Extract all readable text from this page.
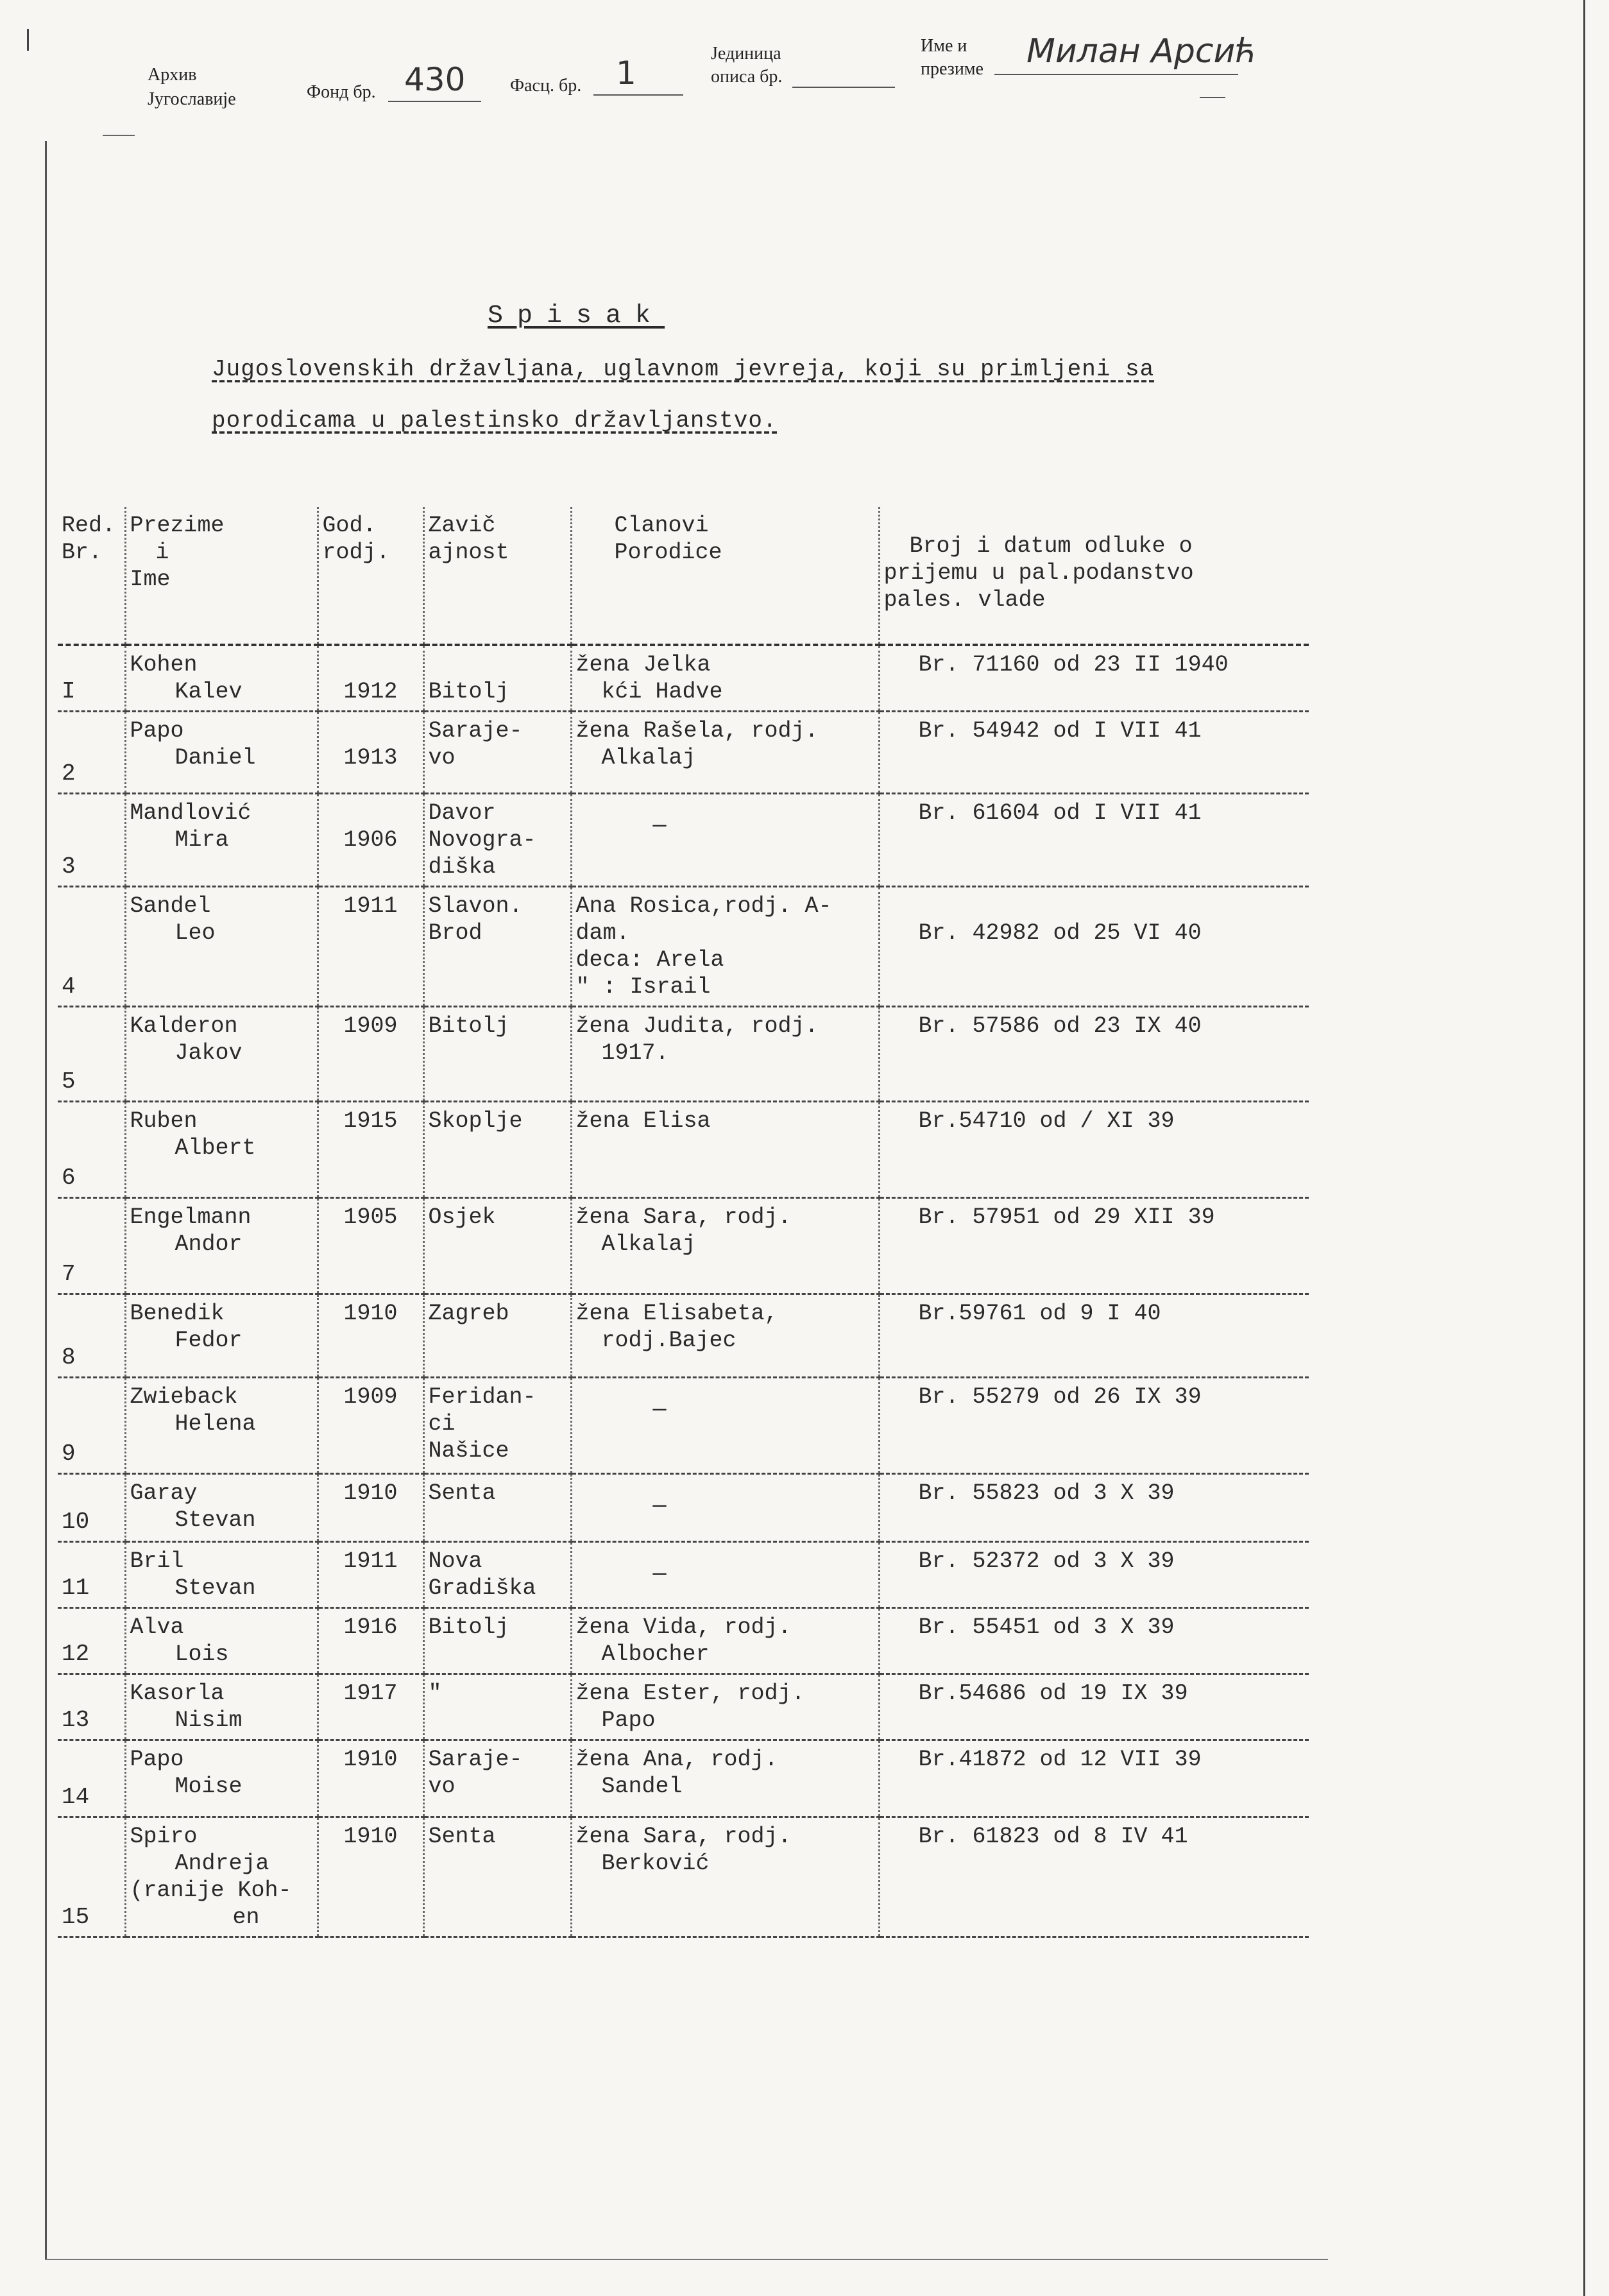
Архив
Југославије	Фонд бр. 430 Фасц. бр. 1
Јединица
описа бр.
Име и
презиме Милан Арсић
Spisak
Jugoslovenskih državljana, uglavnom jevreja, koji su primljeni sa
porodicama u palestinsko državljanstvo.
Red.
Br.	Prezime
i
Ime	God.
rodj.	Zavič
ajnost	Clanovi
Porodice	Broj i datum odluke o
prijemu u pal.podanstvo
pales. vlade

I	Kohen
Kalev	1912	Bitolj	žena Jelka
kći Hadve	Br. 71160 od 23 II 1940

2	Papo
Daniel	1913	Saraje-
vo	žena Rašela, rodj.
Alkalaj	Br. 54942 od I VII 41

3	Mandlović
Mira	1906	Davor
Novogra-
diška	—	Br. 61604 od I VII 41

4	Sandel
Leo	1911	Slavon.
Brod	Ana Rosica,rodj. A-
dam.
deca: Arela
" : Israil	Br. 42982 od 25 VI 40

5	Kalderon
Jakov	1909	Bitolj	žena Judita, rodj.
1917.	Br. 57586 od 23 IX 40

6	Ruben
Albert	1915	Skoplje	žena Elisa	Br.54710 od / XI 39

7	Engelmann
Andor	1905	Osjek	žena Sara, rodj.
Alkalaj	Br. 57951 od 29 XII 39

8	Benedik
Fedor	1910	Zagreb	žena Elisabeta,
rodj.Bajec	Br.59761 od 9 I 40

9	Zwieback
Helena	1909	Feridan-
ci
Našice	—	Br. 55279 od 26 IX 39

10	Garay
Stevan	1910	Senta	—	Br. 55823 od 3 X 39

11	Bril
Stevan	1911	Nova
Gradiška	—	Br. 52372 od 3 X 39

12	Alva
Lois	1916	Bitolj	žena Vida, rodj.
Albocher	Br. 55451 od 3 X 39

13	Kasorla
Nisim	1917	"	žena Ester, rodj.
Papo	Br.54686 od 19 IX 39

14	Papo
Moise	1910	Saraje-
vo	žena Ana, rodj.
Sandel	Br.41872 od 12 VII 39

15	Spiro
Andreja
(ranije Koh-
en	1910	Senta	žena Sara, rodj.
Berković	Br. 61823 od 8 IV 41
